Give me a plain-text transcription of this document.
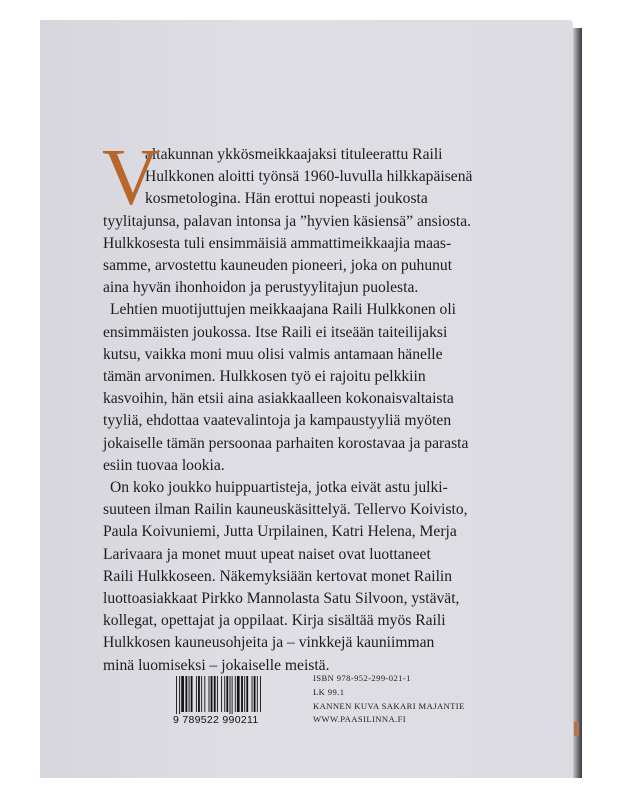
V
altakunnan ykkösmeikkaajaksi tituleerattu Raili
Hulkkonen aloitti työnsä 1960-luvulla hilkkapäisenä
kosmetologina. Hän erottui nopeasti joukosta
tyylitajunsa, palavan intonsa ja ”hyvien käsiensä” ansiosta.
Hulkkosesta tuli ensimmäisiä ammattimeikkaajia maas-
samme, arvostettu kauneuden pioneeri, joka on puhunut
aina hyvän ihonhoidon ja perustyylitajun puolesta.
Lehtien muotijuttujen meikkaajana Raili Hulkkonen oli
ensimmäisten joukossa. Itse Raili ei itseään taiteilijaksi
kutsu, vaikka moni muu olisi valmis antamaan hänelle
tämän arvonimen. Hulkkosen työ ei rajoitu pelkkiin
kasvoihin, hän etsii aina asiakkaalleen kokonaisvaltaista
tyyliä, ehdottaa vaatevalintoja ja kampaustyyliä myöten
jokaiselle tämän persoonaa parhaiten korostavaa ja parasta
esiin tuovaa lookia.
On koko joukko huippuartisteja, jotka eivät astu julki-
suuteen ilman Railin kauneuskäsittelyä. Tellervo Koivisto,
Paula Koivuniemi, Jutta Urpilainen, Katri Helena, Merja
Larivaara ja monet muut upeat naiset ovat luottaneet
Raili Hulkkoseen. Näkemyksiään kertovat monet Railin
luottoasiakkaat Pirkko Mannolasta Satu Silvoon, ystävät,
kollegat, opettajat ja oppilaat. Kirja sisältää myös Raili
Hulkkosen kauneusohjeita ja – vinkkejä kauniimman
minä luomiseksi – jokaiselle meistä.
9 789522 990211
ISBN 978-952-299-021-1
LK 99.1
KANNEN KUVA SAKARI MAJANTIE
WWW.PAASILINNA.FI
